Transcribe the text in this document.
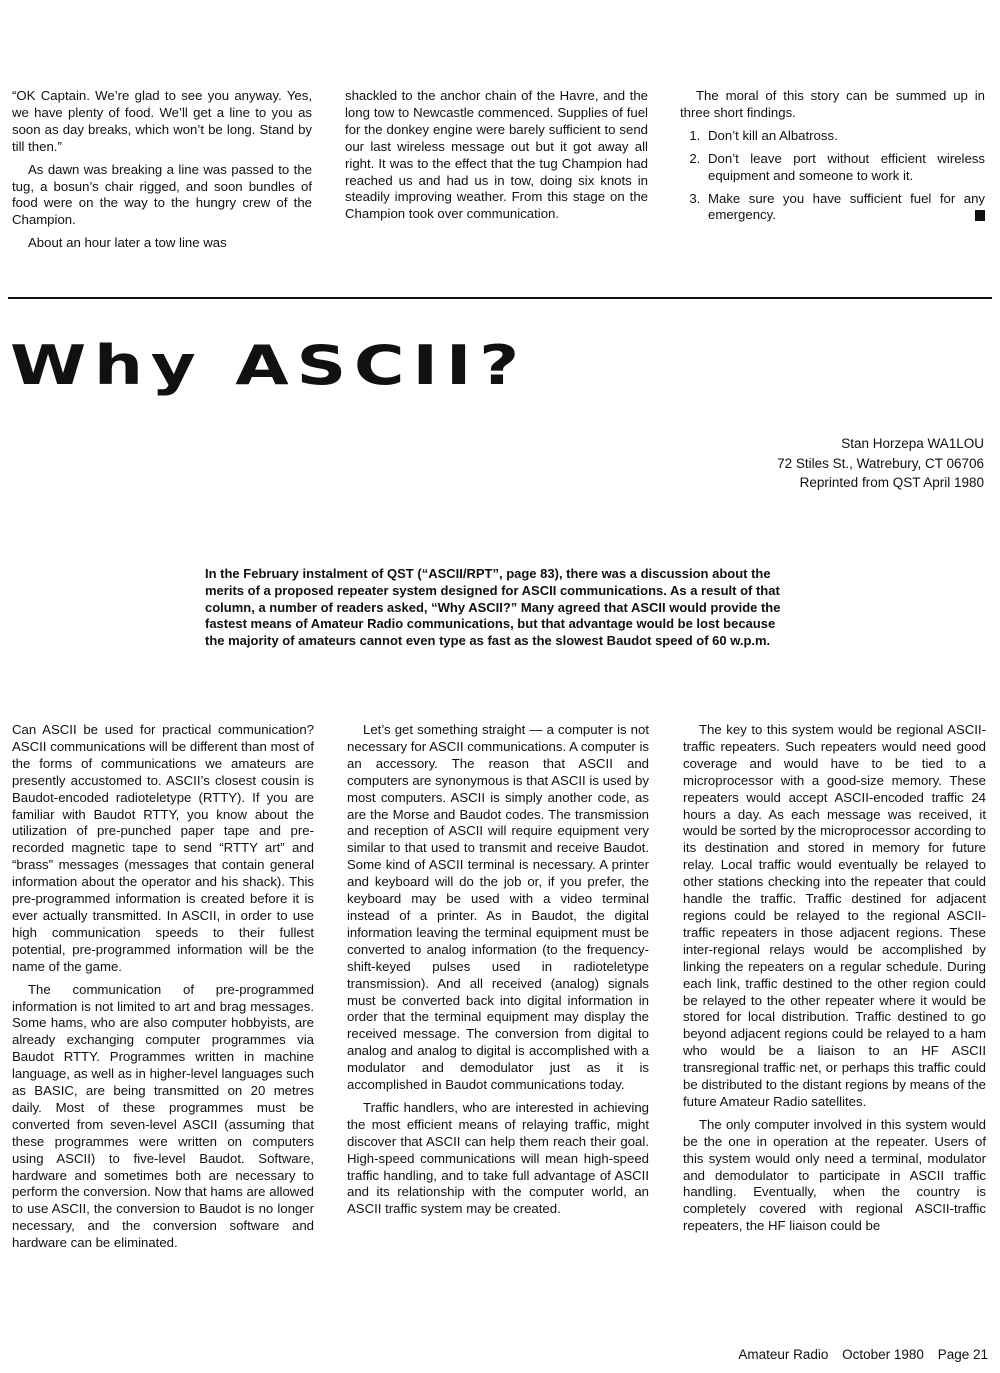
“OK Captain. We’re glad to see you anyway. Yes, we have plenty of food. We’ll get a line to you as soon as day breaks, which won’t be long. Stand by till then.”

As dawn was breaking a line was passed to the tug, a bosun’s chair rigged, and soon bundles of food were on the way to the hungry crew of the Champion.

About an hour later a tow line was

shackled to the anchor chain of the Havre, and the long tow to Newcastle commenced. Supplies of fuel for the donkey engine were barely sufficient to send our last wireless message out but it got away all right. It was to the effect that the tug Champion had reached us and had us in tow, doing six knots in steadily improving weather. From this stage on the Champion took over communication.

The moral of this story can be summed up in three short findings.

1. Don’t kill an Albatross.
2. Don’t leave port without efficient wireless equipment and someone to work it.
3. Make sure you have sufficient fuel for any emergency.
Why ASCII?
Stan Horzepa WA1LOU
72 Stiles St., Watrebury, CT 06706
Reprinted from QST April 1980
In the February instalment of QST (“ASCII/RPT”, page 83), there was a discussion about the merits of a proposed repeater system designed for ASCII communications. As a result of that column, a number of readers asked, “Why ASCII?” Many agreed that ASCII would provide the fastest means of Amateur Radio communications, but that advantage would be lost because the majority of amateurs cannot even type as fast as the slowest Baudot speed of 60 w.p.m.

Can ASCII be used for practical communication? ASCII communications will be different than most of the forms of communications we amateurs are presently accustomed to. ASCII’s closest cousin is Baudot-encoded radioteletype (RTTY). If you are familiar with Baudot RTTY, you know about the utilization of pre-punched paper tape and pre-recorded magnetic tape to send “RTTY art” and “brass” messages (messages that contain general information about the operator and his shack). This pre-programmed information is created before it is ever actually transmitted. In ASCII, in order to use high communication speeds to their fullest potential, pre-programmed information will be the name of the game.

The communication of pre-programmed information is not limited to art and brag messages. Some hams, who are also computer hobbyists, are already exchanging computer programmes via Baudot RTTY. Programmes written in machine language, as well as in higher-level languages such as BASIC, are being transmitted on 20 metres daily. Most of these programmes must be converted from seven-level ASCII (assuming that these programmes were written on computers using ASCII) to five-level Baudot. Software, hardware and sometimes both are necessary to perform the conversion. Now that hams are allowed to use ASCII, the conversion to Baudot is no longer necessary, and the conversion software and hardware can be eliminated.

Let’s get something straight — a computer is not necessary for ASCII communications. A computer is an accessory. The reason that ASCII and computers are synonymous is that ASCII is used by most computers. ASCII is simply another code, as are the Morse and Baudot codes. The transmission and reception of ASCII will require equipment very similar to that used to transmit and receive Baudot. Some kind of ASCII terminal is necessary. A printer and keyboard will do the job or, if you prefer, the keyboard may be used with a video terminal instead of a printer. As in Baudot, the digital information leaving the terminal equipment must be converted to analog information (to the frequency-shift-keyed pulses used in radioteletype transmission). And all received (analog) signals must be converted back into digital information in order that the terminal equipment may display the received message. The conversion from digital to analog and analog to digital is accomplished with a modulator and demodulator just as it is accomplished in Baudot communications today.

Traffic handlers, who are interested in achieving the most efficient means of relaying traffic, might discover that ASCII can help them reach their goal. High-speed communications will mean high-speed traffic handling, and to take full advantage of ASCII and its relationship with the computer world, an ASCII traffic system may be created.

The key to this system would be regional ASCII-traffic repeaters. Such repeaters would need good coverage and would have to be tied to a microprocessor with a good-size memory. These repeaters would accept ASCII-encoded traffic 24 hours a day. As each message was received, it would be sorted by the microprocessor according to its destination and stored in memory for future relay. Local traffic would eventually be relayed to other stations checking into the repeater that could handle the traffic. Traffic destined for adjacent regions could be relayed to the regional ASCII-traffic repeaters in those adjacent regions. These inter-regional relays would be accomplished by linking the repeaters on a regular schedule. During each link, traffic destined to the other region could be relayed to the other repeater where it would be stored for local distribution. Traffic destined to go beyond adjacent regions could be relayed to a ham who would be a liaison to an HF ASCII transregional traffic net, or perhaps this traffic could be distributed to the distant regions by means of the future Amateur Radio satellites.

The only computer involved in this system would be the one in operation at the repeater. Users of this system would only need a terminal, modulator and demodulator to participate in ASCII traffic handling. Eventually, when the country is completely covered with regional ASCII-traffic repeaters, the HF liaison could be

Amateur Radio October 1980 Page 21
